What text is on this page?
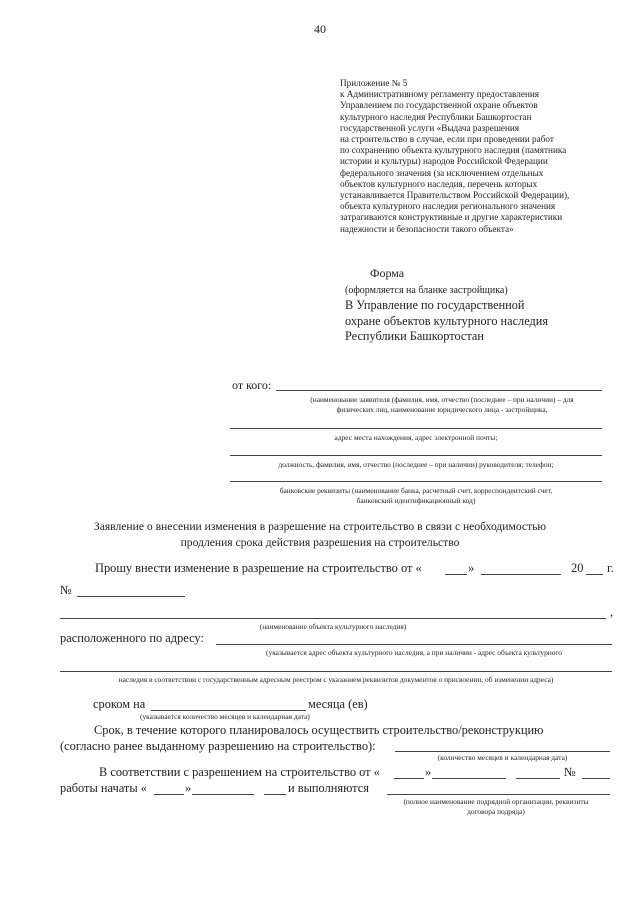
40
Приложение № 5
к Административному регламенту предоставления
Управлением по государственной охране объектов
культурного наследия Республики Башкортостан
государственной услуги «Выдача разрешения
на строительство в случае, если при проведении работ
по сохранению объекта культурного наследия (памятника
истории и культуры) народов Российской Федерации
федерального значения (за исключением отдельных
объектов культурного наследия, перечень которых
устанавливается Правительством Российской Федерации),
объекта культурного наследия регионального значения
затрагиваются конструктивные и другие характеристики
надежности и безопасности такого объекта»
Форма
(оформляется на бланке застройщика)
В Управление по государственной
охране объектов культурного наследия
Республики Башкортостан
от кого:
(наименование заявителя (фамилия, имя, отчество (последнее – при наличии) – для
физических лиц, наименование юридического лица - застройщика,
адрес места нахождения, адрес электронной почты;
должность, фамилия, имя, отчество (последнее – при наличии) руководителя; телефон;
банковские реквизиты (наименование банка, расчетный счет, корреспондентский счет,
банковский идентификационный код)
Заявление о внесении изменения в разрешение на строительство в связи с необходимостью
продления срока действия разрешения на строительство
Прошу внести изменение в разрешение на строительство от «	»	20 г.
№
,
(наименование объекта культурного наследия)
расположенного по адресу:
(указывается адрес объекта культурного наследия, а при наличии - адрес объекта культурного
наследия в соответствии с государственным адресным реестром с указанием реквизитов документов о присвоении, об изменении адреса)
сроком на	месяца (ев)
(указывается количество месяцев и календарная дата)
Срок, в течение которого планировалось осуществить строительство/реконструкцию
(согласно ранее выданному разрешению на строительство):
(количество месяцев и календарная дата)
В соответствии с разрешением на строительство от «	»	№
работы начаты «	»	и выполняются
(полное наименование подрядной организации, реквизиты
договора подряда)
